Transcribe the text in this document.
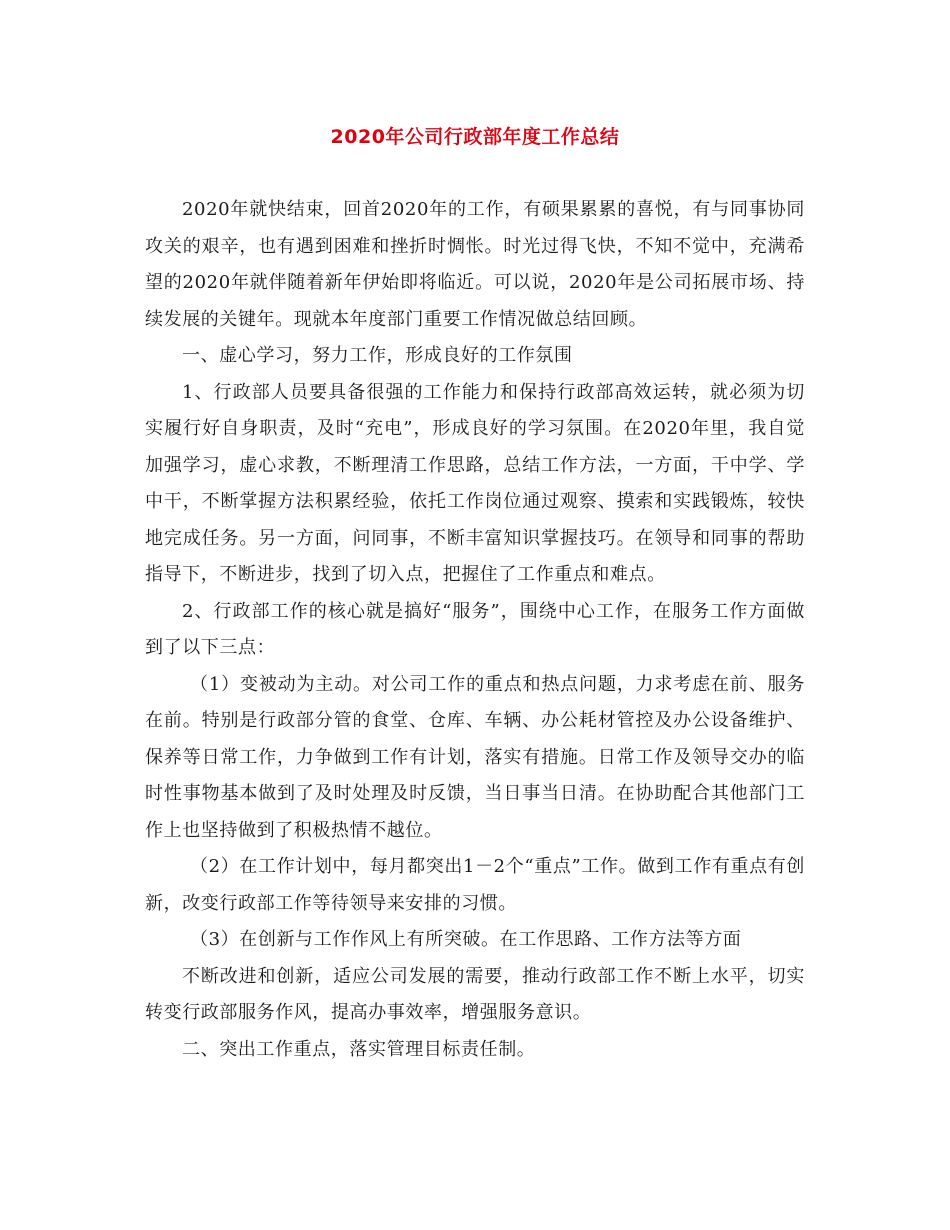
2020年公司行政部年度工作总结

2020年就快结束，回首2020年的工作，有硕果累累的喜悦，有与同事协同攻关的艰辛，也有遇到困难和挫折时惆怅。时光过得飞快，不知不觉中，充满希望的2020年就伴随着新年伊始即将临近。可以说，2020年是公司拓展市场、持续发展的关键年。现就本年度部门重要工作情况做总结回顾。

一、虚心学习，努力工作，形成良好的工作氛围

1、行政部人员要具备很强的工作能力和保持行政部高效运转，就必须为切实履行好自身职责，及时“充电”，形成良好的学习氛围。在2020年里，我自觉加强学习，虚心求教，不断理清工作思路，总结工作方法，一方面，干中学、学中干，不断掌握方法积累经验，依托工作岗位通过观察、摸索和实践锻炼，较快地完成任务。另一方面，问同事，不断丰富知识掌握技巧。在领导和同事的帮助指导下，不断进步，找到了切入点，把握住了工作重点和难点。

2、行政部工作的核心就是搞好“服务”，围绕中心工作，在服务工作方面做到了以下三点：

（1）变被动为主动。对公司工作的重点和热点问题，力求考虑在前、服务在前。特别是行政部分管的食堂、仓库、车辆、办公耗材管控及办公设备维护、保养等日常工作，力争做到工作有计划，落实有措施。日常工作及领导交办的临时性事物基本做到了及时处理及时反馈，当日事当日清。在协助配合其他部门工作上也坚持做到了积极热情不越位。

（2）在工作计划中，每月都突出1－2个“重点”工作。做到工作有重点有创新，改变行政部工作等待领导来安排的习惯。

（3）在创新与工作作风上有所突破。在工作思路、工作方法等方面

不断改进和创新，适应公司发展的需要，推动行政部工作不断上水平，切实转变行政部服务作风，提高办事效率，增强服务意识。

二、突出工作重点，落实管理目标责任制。
